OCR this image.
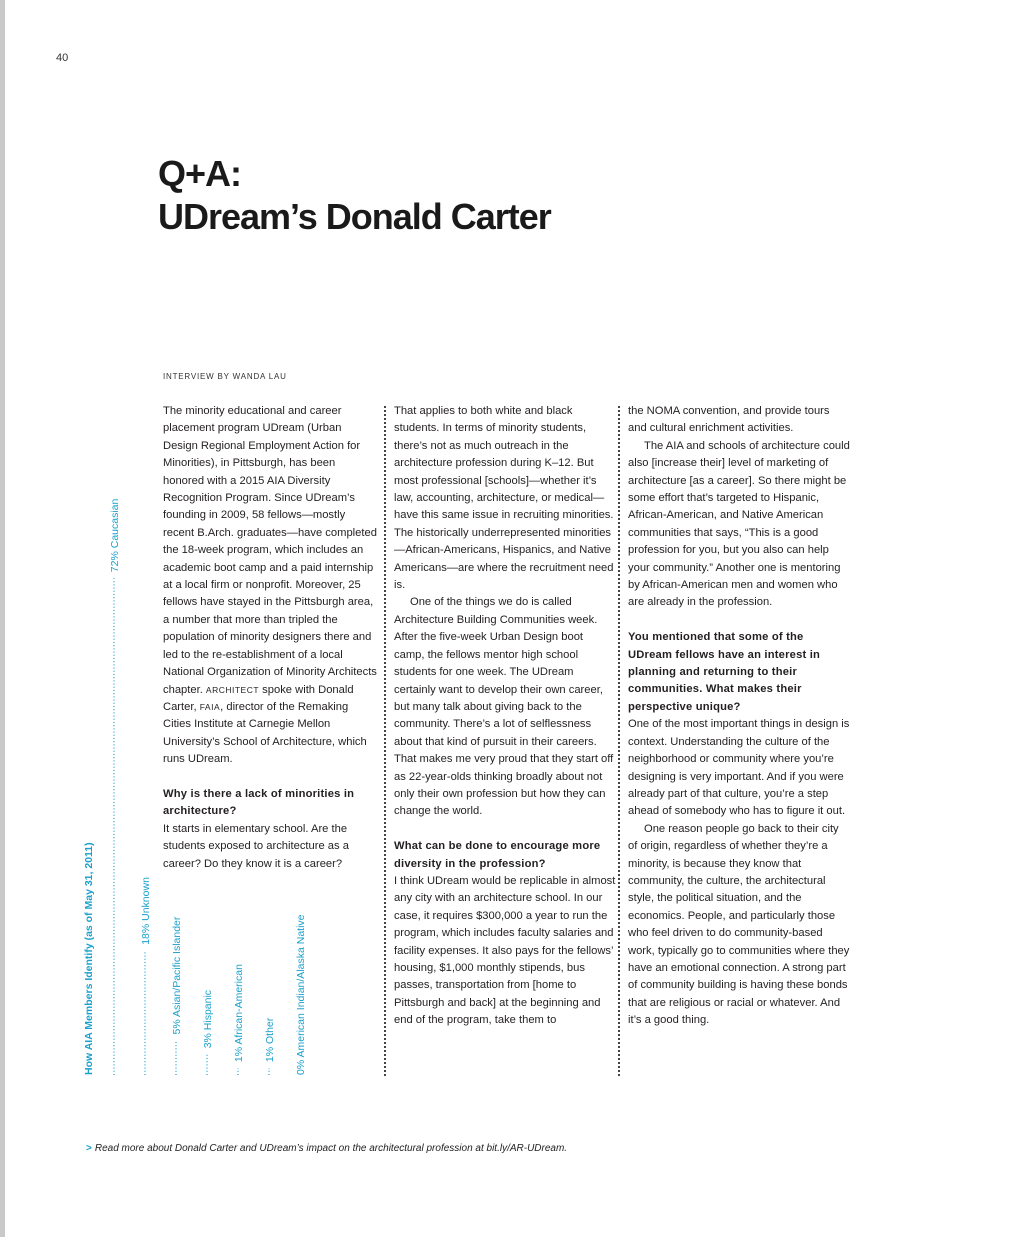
40
Q+A:
UDream’s Donald Carter
INTERVIEW BY WANDA LAU
How AIA Members Identify (as of May 31, 2011)
72% Caucasian
18% Unknown
5% Asian/Pacific Islander 3% Hispanic 1% African-American 1% Other 0% American Indian/Alaska Native

The minority educational and career placement program UDream (Urban Design Regional Employment Action for Minorities), in Pittsburgh, has been honored with a 2015 AIA Diversity Recognition Program. Since UDream’s founding in 2009, 58 fellows—mostly recent B.Arch. graduates—have completed the 18-week program, which includes an academic boot camp and a paid internship at a local firm or nonprofit. Moreover, 25 fellows have stayed in the Pittsburgh area, a number that more than tripled the population of minority designers there and led to the re-establishment of a local National Organization of Minority Architects chapter. ARCHITECT spoke with Donald Carter, FAIA, director of the Remaking Cities Institute at Carnegie Mellon University’s School of Architecture, which runs UDream.

Why is there a lack of minorities in architecture?

It starts in elementary school. Are the students exposed to architecture as a career? Do they know it is a career?

That applies to both white and black students. In terms of minority students, there’s not as much outreach in the architecture profession during K–12. But most professional [schools]—whether it’s law, accounting, architecture, or medical—have this same issue in recruiting minorities. The historically underrepresented minorities—African-Americans, Hispanics, and Native Americans—are where the recruitment need is.

One of the things we do is called Architecture Building Communities week. After the five-week Urban Design boot camp, the fellows mentor high school students for one week. The UDream certainly want to develop their own career, but many talk about giving back to the community. There’s a lot of selflessness about that kind of pursuit in their careers. That makes me very proud that they start off as 22-year-olds thinking broadly about not only their own profession but how they can change the world.

What can be done to encourage more diversity in the profession?

I think UDream would be replicable in almost any city with an architecture school. In our case, it requires $300,000 a year to run the program, which includes faculty salaries and facility expenses. It also pays for the fellows’ housing, $1,000 monthly stipends, bus passes, transportation from [home to Pittsburgh and back] at the beginning and end of the program, take them to

the NOMA convention, and provide tours and cultural enrichment activities.

The AIA and schools of architecture could also [increase their] level of marketing of architecture [as a career]. So there might be some effort that’s targeted to Hispanic, African-American, and Native American communities that says, “This is a good profession for you, but you also can help your community.” Another one is mentoring by African-American men and women who are already in the profession.

You mentioned that some of the UDream fellows have an interest in planning and returning to their communities. What makes their perspective unique?

One of the most important things in design is context. Understanding the culture of the neighborhood or community where you’re designing is very important. And if you were already part of that culture, you’re a step ahead of somebody who has to figure it out.

One reason people go back to their city of origin, regardless of whether they’re a minority, is because they know that community, the culture, the architectural style, the political situation, and the economics. People, and particularly those who feel driven to do community-based work, typically go to communities where they have an emotional connection. A strong part of community building is having these bonds that are religious or racial or whatever. And it’s a good thing.

> Read more about Donald Carter and UDream’s impact on the architectural profession at bit.ly/AR-UDream.
